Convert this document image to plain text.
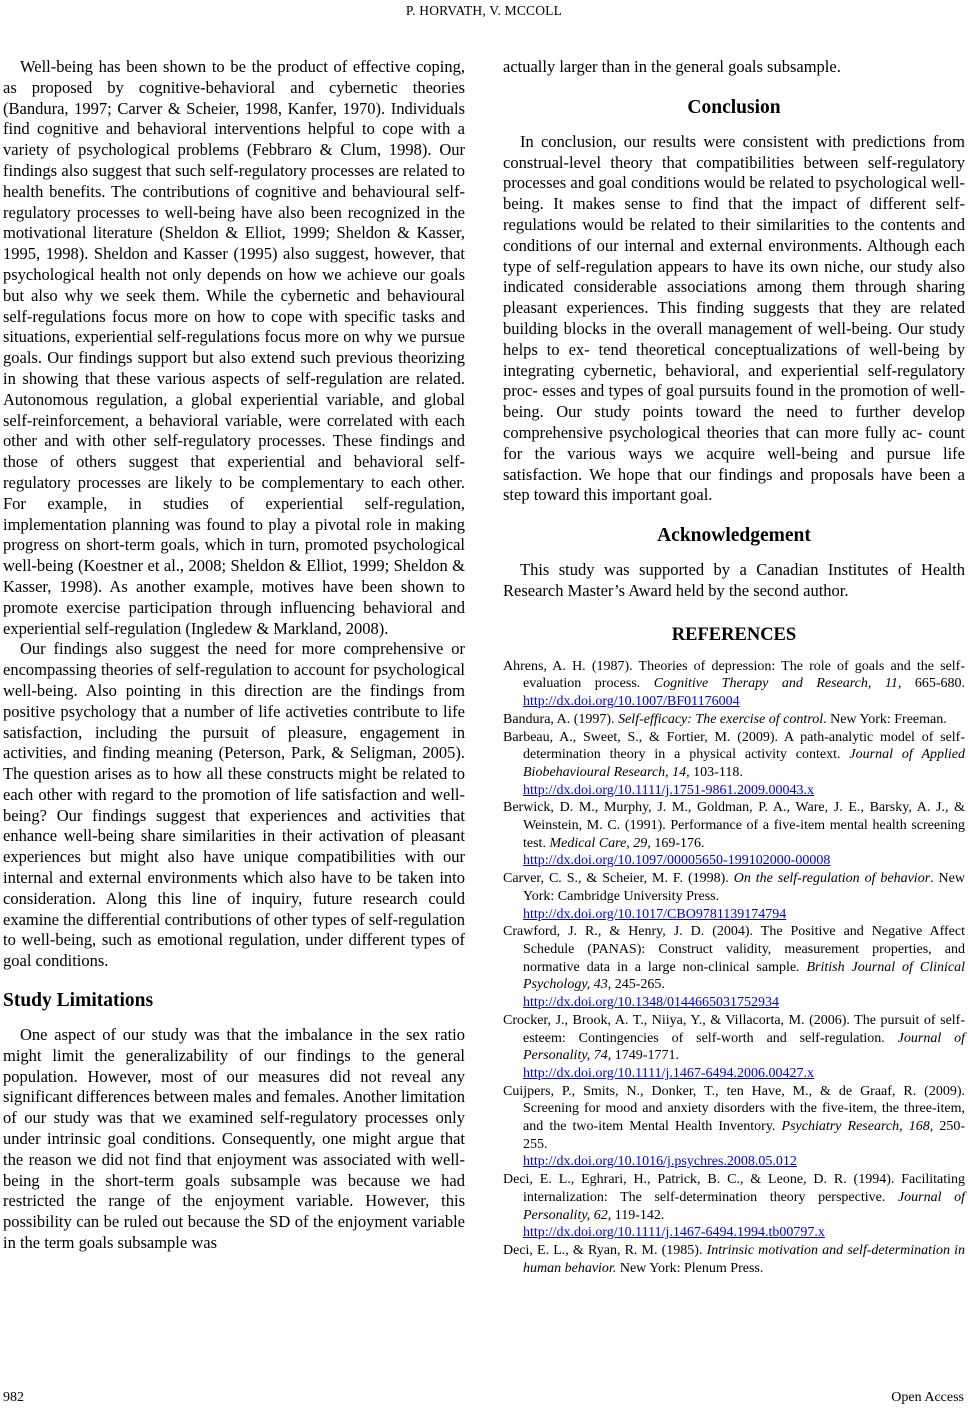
P. HORVATH, V. MCCOLL

Well-being has been shown to be the product of effective coping, as proposed by cognitive-behavioral and cybernetic theories (Bandura, 1997; Carver & Scheier, 1998, Kanfer, 1970). Individuals find cognitive and behavioral interventions helpful to cope with a variety of psychological problems (Febbraro & Clum, 1998). Our findings also suggest that such self-regulatory processes are related to health benefits. The contributions of cognitive and behavioural self-regulatory processes to well-being have also been recognized in the motivational literature (Sheldon & Elliot, 1999; Sheldon & Kasser, 1995, 1998). Sheldon and Kasser (1995) also suggest, however, that psychological health not only depends on how we achieve our goals but also why we seek them. While the cybernetic and behavioural self-regulations focus more on how to cope with specific tasks and situations, experiential self-regulations focus more on why we pursue goals. Our findings support but also extend such previous theorizing in showing that these various aspects of self-regulation are related. Autonomous regulation, a global experiential variable, and global self-reinforcement, a behavioral variable, were correlated with each other and with other self-regulatory processes. These findings and those of others suggest that experiential and behavioral self-regulatory processes are likely to be complementary to each other. For example, in studies of experiential self-regulation, implementation planning was found to play a pivotal role in making progress on short-term goals, which in turn, promoted psychological well-being (Koestner et al., 2008; Sheldon & Elliot, 1999; Sheldon & Kasser, 1998). As another example, motives have been shown to promote exercise participation through influencing behavioral and experiential self-regulation (Ingledew & Markland, 2008).

Our findings also suggest the need for more comprehensive or encompassing theories of self-regulation to account for psychological well-being. Also pointing in this direction are the findings from positive psychology that a number of life activeties contribute to life satisfaction, including the pursuit of pleasure, engagement in activities, and finding meaning (Peterson, Park, & Seligman, 2005). The question arises as to how all these constructs might be related to each other with regard to the promotion of life satisfaction and well-being? Our findings suggest that experiences and activities that enhance well-being share similarities in their activation of pleasant experiences but might also have unique compatibilities with our internal and external environments which also have to be taken into consideration. Along this line of inquiry, future research could examine the differential contributions of other types of self-regulation to well-being, such as emotional regulation, under different types of goal conditions.

Study Limitations

One aspect of our study was that the imbalance in the sex ratio might limit the generalizability of our findings to the general population. However, most of our measures did not reveal any significant differences between males and females. Another limitation of our study was that we examined self-regulatory processes only under intrinsic goal conditions. Consequently, one might argue that the reason we did not find that enjoyment was associated with well-being in the short-term goals subsample was because we had restricted the range of the enjoyment variable. However, this possibility can be ruled out because the SD of the enjoyment variable in the term goals subsample was

actually larger than in the general goals subsample.

Conclusion

In conclusion, our results were consistent with predictions from construal-level theory that compatibilities between self-regulatory processes and goal conditions would be related to psychological well-being. It makes sense to find that the impact of different self-regulations would be related to their similarities to the contents and conditions of our internal and external environments. Although each type of self-regulation appears to have its own niche, our study also indicated considerable associations among them through sharing pleasant experiences. This finding suggests that they are related building blocks in the overall management of well-being. Our study helps to ex- tend theoretical conceptualizations of well-being by integrating cybernetic, behavioral, and experiential self-regulatory proc- esses and types of goal pursuits found in the promotion of well-being. Our study points toward the need to further develop comprehensive psychological theories that can more fully ac- count for the various ways we acquire well-being and pursue life satisfaction. We hope that our findings and proposals have been a step toward this important goal.

Acknowledgement

This study was supported by a Canadian Institutes of Health Research Master’s Award held by the second author.

REFERENCES
Ahrens, A. H. (1987). Theories of depression: The role of goals and the self-evaluation process. Cognitive Therapy and Research, 11, 665-680. http://dx.doi.org/10.1007/BF01176004
Bandura, A. (1997). Self-efficacy: The exercise of control. New York: Freeman.
Barbeau, A., Sweet, S., & Fortier, M. (2009). A path-analytic model of self-determination theory in a physical activity context. Journal of Applied Biobehavioural Research, 14, 103-118.
http://dx.doi.org/10.1111/j.1751-9861.2009.00043.x
Berwick, D. M., Murphy, J. M., Goldman, P. A., Ware, J. E., Barsky, A. J., & Weinstein, M. C. (1991). Performance of a five-item mental health screening test. Medical Care, 29, 169-176.
http://dx.doi.org/10.1097/00005650-199102000-00008
Carver, C. S., & Scheier, M. F. (1998). On the self-regulation of behavior. New York: Cambridge University Press.
http://dx.doi.org/10.1017/CBO9781139174794
Crawford, J. R., & Henry, J. D. (2004). The Positive and Negative Affect Schedule (PANAS): Construct validity, measurement properties, and normative data in a large non-clinical sample. British Journal of Clinical Psychology, 43, 245-265.
http://dx.doi.org/10.1348/0144665031752934
Crocker, J., Brook, A. T., Niiya, Y., & Villacorta, M. (2006). The pursuit of self-esteem: Contingencies of self-worth and self-regulation. Journal of Personality, 74, 1749-1771.
http://dx.doi.org/10.1111/j.1467-6494.2006.00427.x
Cuijpers, P., Smits, N., Donker, T., ten Have, M., & de Graaf, R. (2009). Screening for mood and anxiety disorders with the five-item, the three-item, and the two-item Mental Health Inventory. Psychiatry Research, 168, 250-255.
http://dx.doi.org/10.1016/j.psychres.2008.05.012
Deci, E. L., Eghrari, H., Patrick, B. C., & Leone, D. R. (1994). Facilitating internalization: The self-determination theory perspective. Journal of Personality, 62, 119-142.
http://dx.doi.org/10.1111/j.1467-6494.1994.tb00797.x
Deci, E. L., & Ryan, R. M. (1985). Intrinsic motivation and self-determination in human behavior. New York: Plenum Press.
982	Open Access
